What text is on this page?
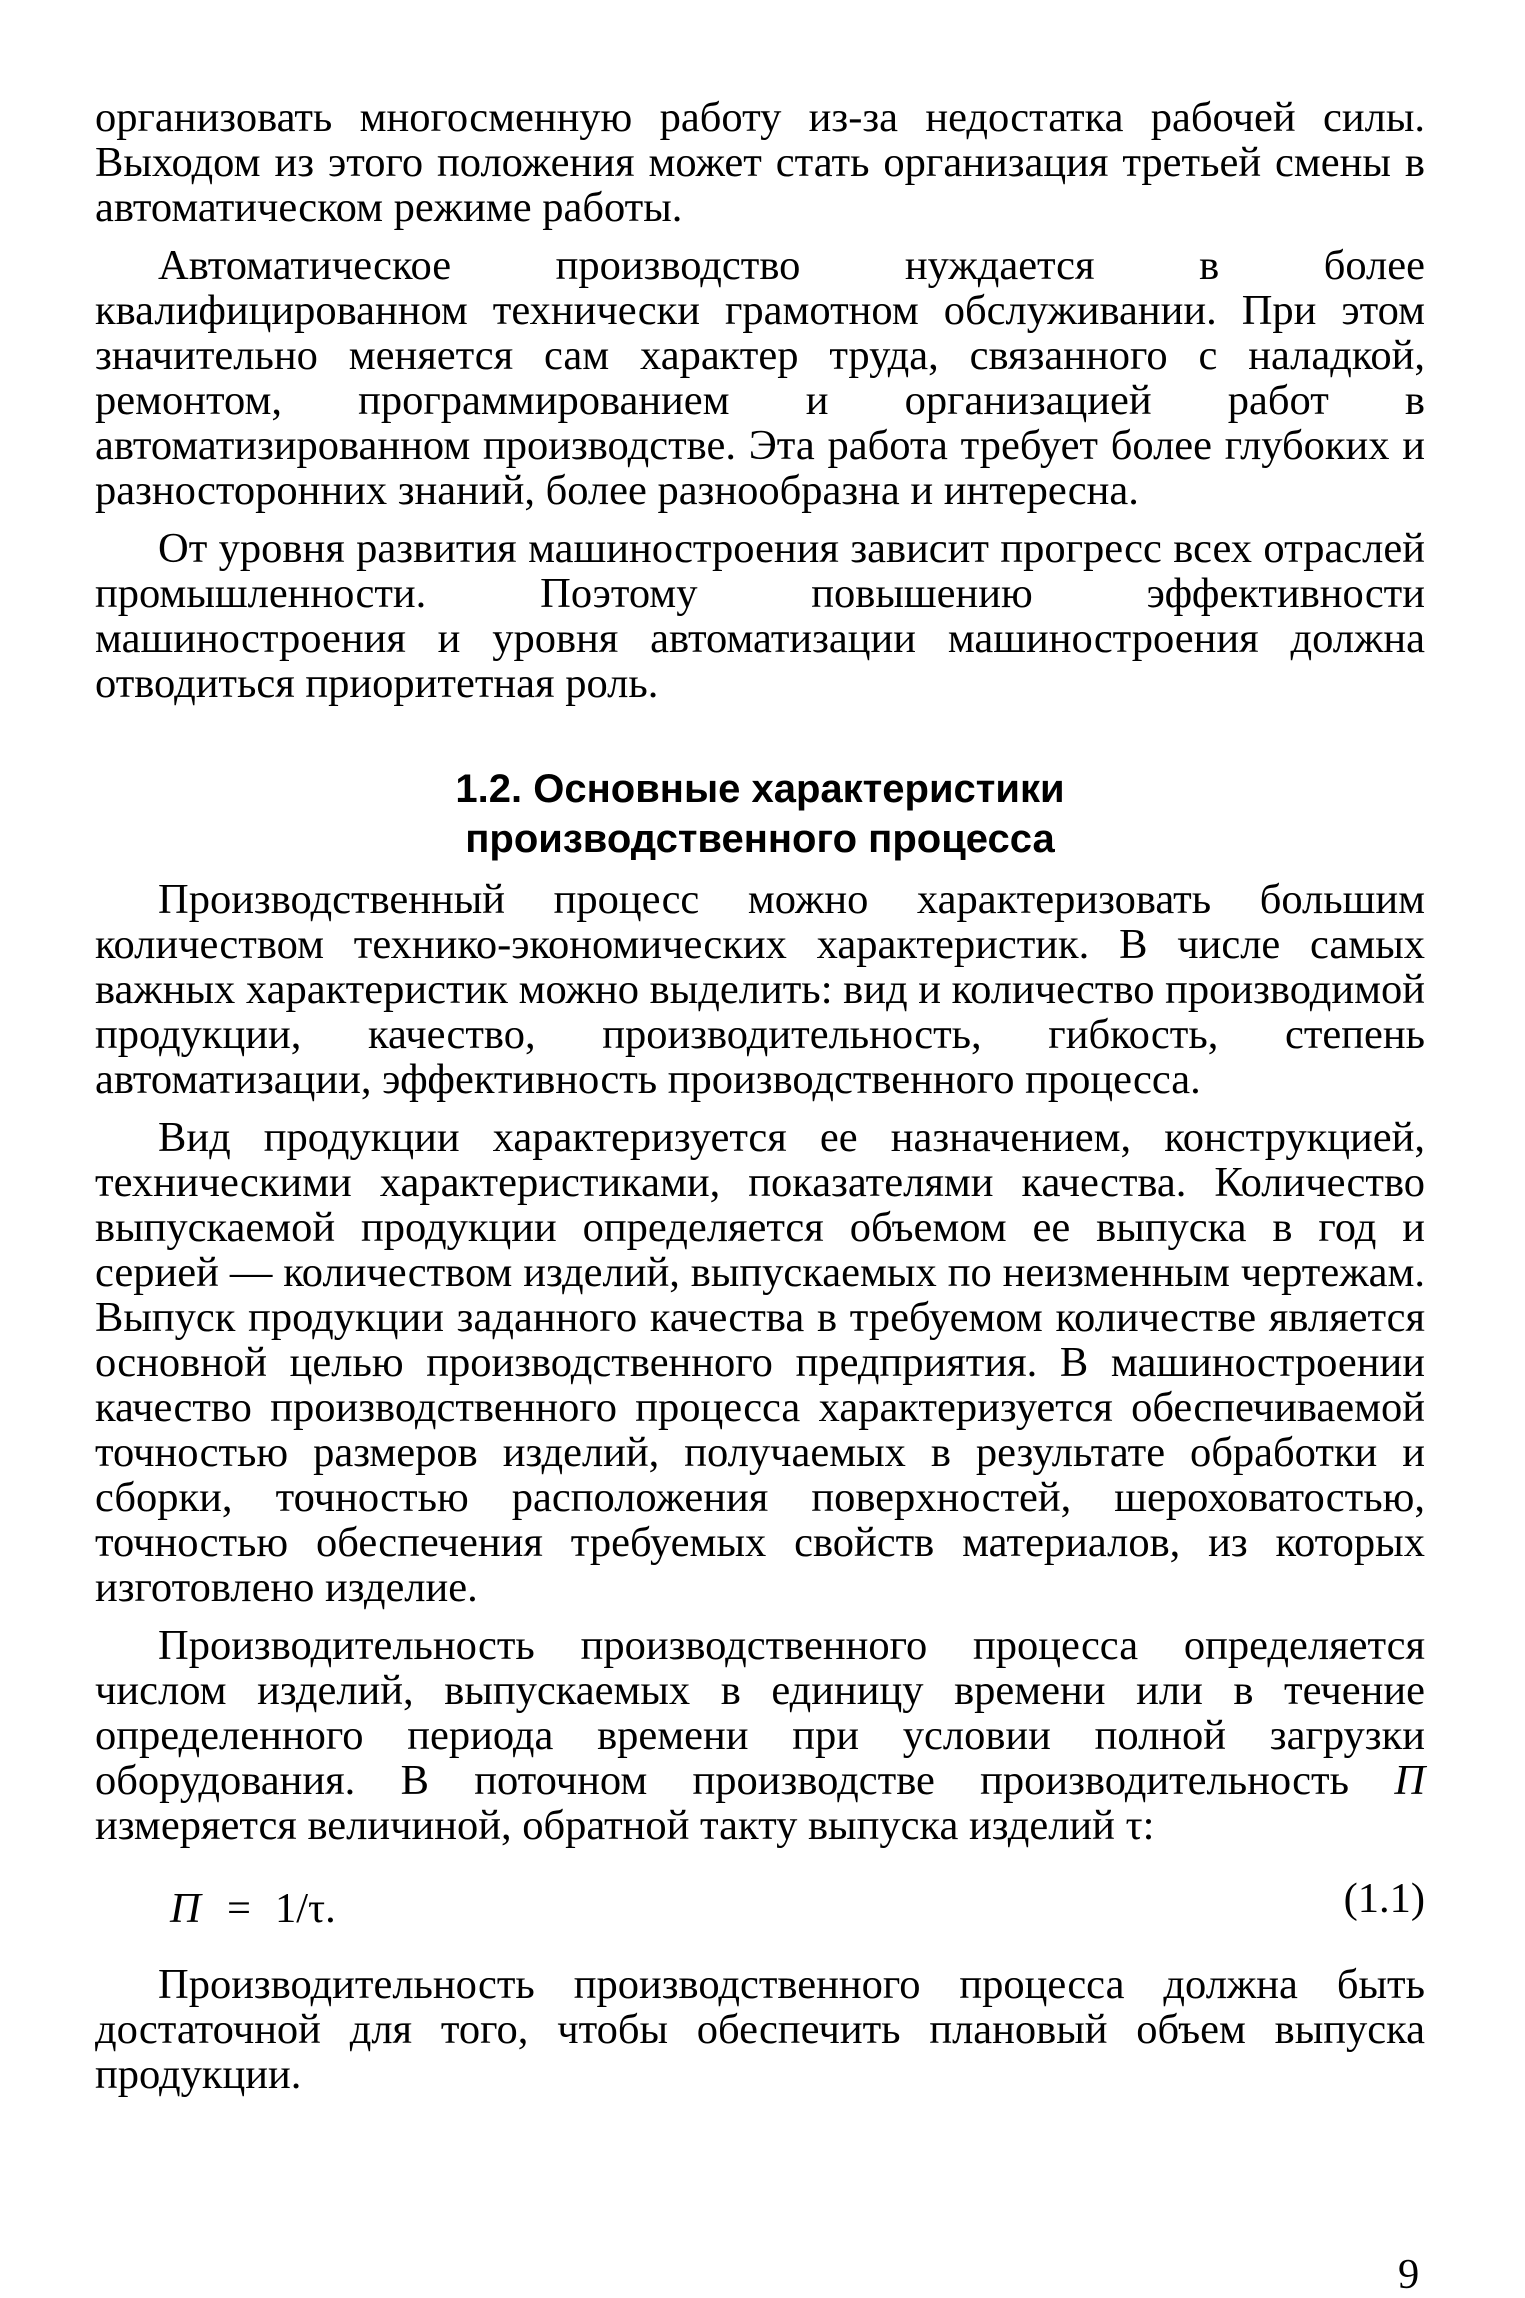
организовать многосменную работу из-за недостатка рабочей силы. Выходом из этого положения может стать организация третьей смены в автоматическом режиме работы.

Автоматическое производство нуждается в более квалифицированном технически грамотном обслуживании. При этом значительно меняется сам характер труда, связанного с наладкой, ремонтом, программированием и организацией работ в автоматизированном производстве. Эта работа требует более глубоких и разносторонних знаний, более разнообразна и интересна.

От уровня развития машиностроения зависит прогресс всех отраслей промышленности. Поэтому повышению эффективности машиностроения и уровня автоматизации машиностроения должна отводиться приоритетная роль.

1.2. Основные характеристики
производственного процесса

Производственный процесс можно характеризовать большим количеством технико-экономических характеристик. В числе самых важных характеристик можно выделить: вид и количество производимой продукции, качество, производительность, гибкость, степень автоматизации, эффективность производственного процесса.

Вид продукции характеризуется ее назначением, конструкцией, техническими характеристиками, показателями качества. Количество выпускаемой продукции определяется объемом ее выпуска в год и серией — количеством изделий, выпускаемых по неизменным чертежам. Выпуск продукции заданного качества в требуемом количестве является основной целью производственного предприятия. В машиностроении качество производственного процесса характеризуется обеспечиваемой точностью размеров изделий, получаемых в результате обработки и сборки, точностью расположения поверхностей, шероховатостью, точностью обеспечения требуемых свойств материалов, из которых изготовлено изделие.

Производительность производственного процесса определяется числом изделий, выпускаемых в единицу времени или в течение определенного периода времени при условии полной загрузки оборудования. В поточном производстве производительность П измеряется величиной, обратной такту выпуска изделий τ:

П = 1/τ.	(1.1)

Производительность производственного процесса должна быть достаточной для того, чтобы обеспечить плановый объем выпуска продукции.

9
